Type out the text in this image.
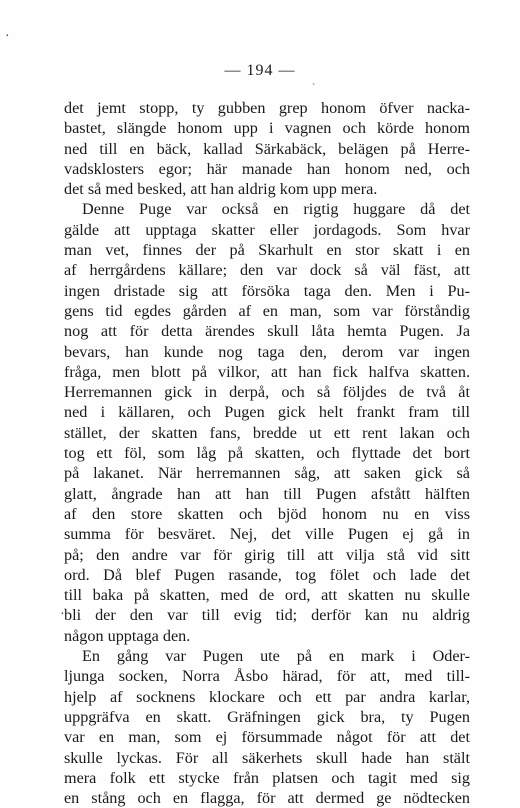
— 194 —
·
`
·
det jemt stopp, ty gubben grep honom öfver nacka-
bastet, slängde honom upp i vagnen och körde honom
ned till en bäck, kallad Särkabäck, belägen på Herre-
vadsklosters egor; här manade han honom ned, och
det så med besked, att han aldrig kom upp mera.
Denne Puge var också en rigtig huggare då det
gälde att upptaga skatter eller jordagods. Som hvar
man vet, finnes der på Skarhult en stor skatt i en
af herrgårdens källare; den var dock så väl fäst, att
ingen dristade sig att försöka taga den. Men i Pu-
gens tid egdes gården af en man, som var förståndig
nog att för detta ärendes skull låta hemta Pugen. Ja
bevars, han kunde nog taga den, derom var ingen
fråga, men blott på vilkor, att han fick halfva skatten.
Herremannen gick in derpå, och så följdes de två åt
ned i källaren, och Pugen gick helt frankt fram till
stället, der skatten fans, bredde ut ett rent lakan och
tog ett föl, som låg på skatten, och flyttade det bort
på lakanet. När herremannen såg, att saken gick så
glatt, ångrade han att han till Pugen afstått hälften
af den store skatten och bjöd honom nu en viss
summa för besväret. Nej, det ville Pugen ej gå in
på; den andre var för girig till att vilja stå vid sitt
ord. Då blef Pugen rasande, tog fölet och lade det
till baka på skatten, med de ord, att skatten nu skulle
bli der den var till evig tid; derför kan nu aldrig
någon upptaga den.
En gång var Pugen ute på en mark i Oder-
ljunga socken, Norra Åsbo härad, för att, med till-
hjelp af socknens klockare och ett par andra karlar,
uppgräfva en skatt. Gräfningen gick bra, ty Pugen
var en man, som ej försummade något för att det
skulle lyckas. För all säkerhets skull hade han stält
mera folk ett stycke från platsen och tagit med sig
en stång och en flagga, för att dermed ge nödtecken
